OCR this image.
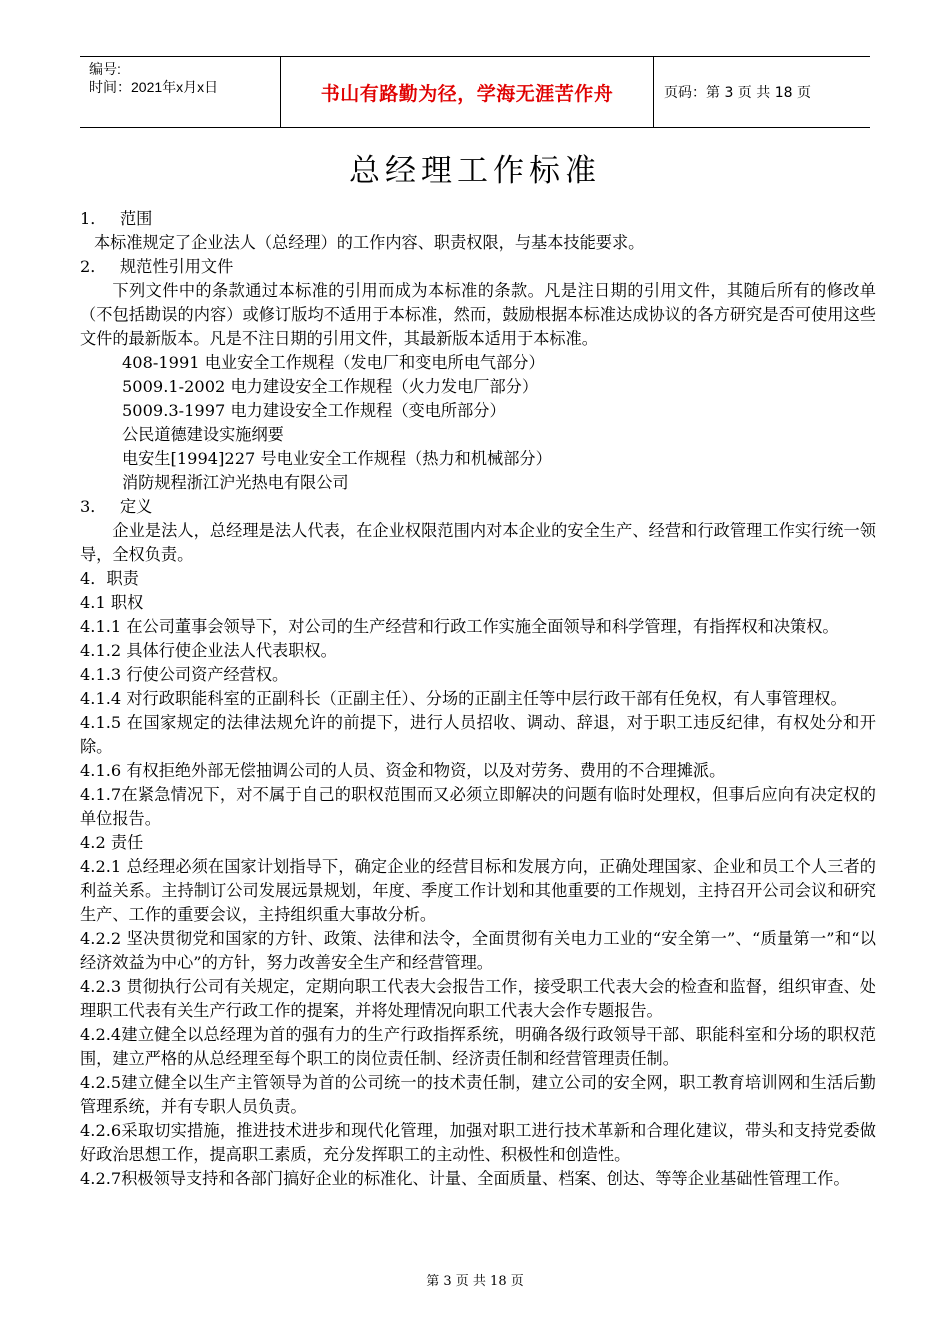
编号:
时间：2021年x月x日	书山有路勤为径，学海无涯苦作舟	页码：第 3 页 共 18 页
总经理工作标准

1． 范围

本标准规定了企业法人（总经理）的工作内容、职责权限，与基本技能要求。

2． 规范性引用文件

下列文件中的条款通过本标准的引用而成为本标准的条款。凡是注日期的引用文件，其随后所有的修改单（不包括勘误的内容）或修订版均不适用于本标准，然而，鼓励根据本标准达成协议的各方研究是否可使用这些文件的最新版本。凡是不注日期的引用文件，其最新版本适用于本标准。

408-1991 电业安全工作规程（发电厂和变电所电气部分）

5009.1-2002 电力建设安全工作规程（火力发电厂部分）

5009.3-1997 电力建设安全工作规程（变电所部分）

公民道德建设实施纲要

电安生[1994]227 号电业安全工作规程（热力和机械部分）

消防规程浙江沪光热电有限公司

3． 定义

企业是法人，总经理是法人代表，在企业权限范围内对本企业的安全生产、经营和行政管理工作实行统一领导，全权负责。

4．职责

4.1 职权

4.1.1 在公司董事会领导下，对公司的生产经营和行政工作实施全面领导和科学管理，有指挥权和决策权。

4.1.2 具体行使企业法人代表职权。

4.1.3 行使公司资产经营权。

4.1.4 对行政职能科室的正副科长（正副主任）、分场的正副主任等中层行政干部有任免权，有人事管理权。

4.1.5 在国家规定的法律法规允许的前提下，进行人员招收、调动、辞退，对于职工违反纪律，有权处分和开除。

4.1.6 有权拒绝外部无偿抽调公司的人员、资金和物资，以及对劳务、费用的不合理摊派。

4.1.7在紧急情况下，对不属于自己的职权范围而又必须立即解决的问题有临时处理权，但事后应向有决定权的单位报告。

4.2 责任

4.2.1 总经理必须在国家计划指导下，确定企业的经营目标和发展方向，正确处理国家、企业和员工个人三者的利益关系。主持制订公司发展远景规划，年度、季度工作计划和其他重要的工作规划，主持召开公司会议和研究生产、工作的重要会议，主持组织重大事故分析。

4.2.2 坚决贯彻党和国家的方针、政策、法律和法令，全面贯彻有关电力工业的“安全第一”、“质量第一”和“以经济效益为中心”的方针，努力改善安全生产和经营管理。

4.2.3 贯彻执行公司有关规定，定期向职工代表大会报告工作，接受职工代表大会的检查和监督，组织审查、处理职工代表有关生产行政工作的提案，并将处理情况向职工代表大会作专题报告。

4.2.4建立健全以总经理为首的强有力的生产行政指挥系统，明确各级行政领导干部、职能科室和分场的职权范围，建立严格的从总经理至每个职工的岗位责任制、经济责任制和经营管理责任制。

4.2.5建立健全以生产主管领导为首的公司统一的技术责任制，建立公司的安全网，职工教育培训网和生活后勤管理系统，并有专职人员负责。

4.2.6采取切实措施，推进技术进步和现代化管理，加强对职工进行技术革新和合理化建议，带头和支持党委做好政治思想工作，提高职工素质，充分发挥职工的主动性、积极性和创造性。

4.2.7积极领导支持和各部门搞好企业的标准化、计量、全面质量、档案、创达、等等企业基础性管理工作。

第 3 页 共 18 页
